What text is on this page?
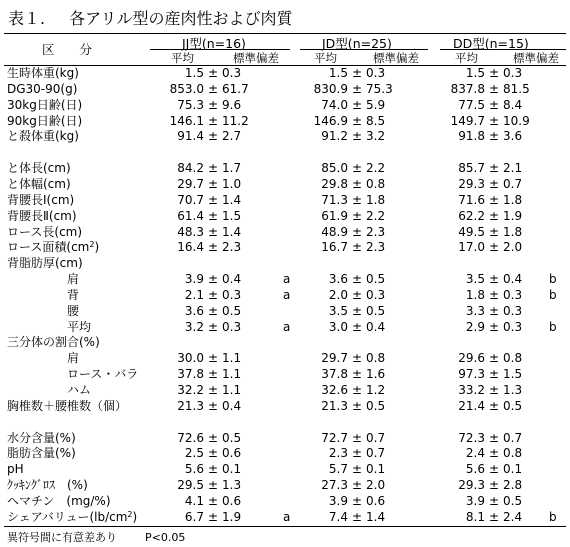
表１. 各アリル型の産肉性および肉質
区　　分	JJ型(n=16)	JD型(n=25)	DD型(n=15)
平均	標準偏差	平均	標準偏差	平均	標準偏差
生時体重(kg)	1.5 ± 0.3	1.5 ± 0.3	1.5 ± 0.3
DG30-90(g)	853.0 ± 61.7	830.9 ± 75.3	837.8 ± 81.5
30kg日齢(日)	75.3 ± 9.6	74.0 ± 5.9	77.5 ± 8.4
90kg日齢(日)	146.1 ± 11.2	146.9 ± 8.5	149.7 ± 10.9
と殺体重(kg)	91.4 ± 2.7	91.2 ± 3.2	91.8 ± 3.6
と体長(cm)	84.2 ± 1.7	85.0 ± 2.2	85.7 ± 2.1
と体幅(cm)	29.7 ± 1.0	29.8 ± 0.8	29.3 ± 0.7
背腰長Ⅰ(cm)	70.7 ± 1.4	71.3 ± 1.8	71.6 ± 1.8
背腰長Ⅱ(cm)	61.4 ± 1.5	61.9 ± 2.2	62.2 ± 1.9
ロース長(cm)	48.3 ± 1.4	48.9 ± 2.3	49.5 ± 1.8
ロース面積$(cm^2)$	16.4 ± 2.3	16.7 ± 2.3	17.0 ± 2.0
背脂肪厚(cm)
肩	3.9 ± 0.4	a	3.6 ± 0.5	3.5 ± 0.4 b
背	2.1 ± 0.3	a	2.0 ± 0.3	1.8 ± 0.3 b
腰	3.6 ± 0.5	3.5 ± 0.5	3.3 ± 0.3
平均	3.2 ± 0.3	a	3.0 ± 0.4	2.9 ± 0.3 b
三分体の割合(%)
肩	30.0 ± 1.1	29.7 ± 0.8	29.6 ± 0.8
ロース・バラ	37.8 ± 1.1	37.8 ± 1.6	97.3 ± 1.5
ハム	32.2 ± 1.1	32.6 ± 1.2	33.2 ± 1.3
胸椎数＋腰椎数（個）	21.3 ± 0.4	21.3 ± 0.5	21.4 ± 0.5
水分含量(%)	72.6 ± 0.5	72.7 ± 0.7	72.3 ± 0.7
脂肪含量(%)	2.5 ± 0.6	2.3 ± 0.7	2.4 ± 0.8
pH	5.6 ± 0.1	5.7 ± 0.1	5.6 ± 0.1
ｸｯｷﾝｸﾞﾛｽ　(%)	29.5 ± 1.3	27.3 ± 2.0	29.3 ± 2.8
ヘマチン　(mg/%)	4.1 ± 0.6	3.9 ± 0.6	3.9 ± 0.5
シェアバリュー$(lb/cm^2)$	6.7 ± 1.9	a	7.4 ± 1.4	8.1 ± 2.4 b
異符号間に有意差あり	P<0.05
